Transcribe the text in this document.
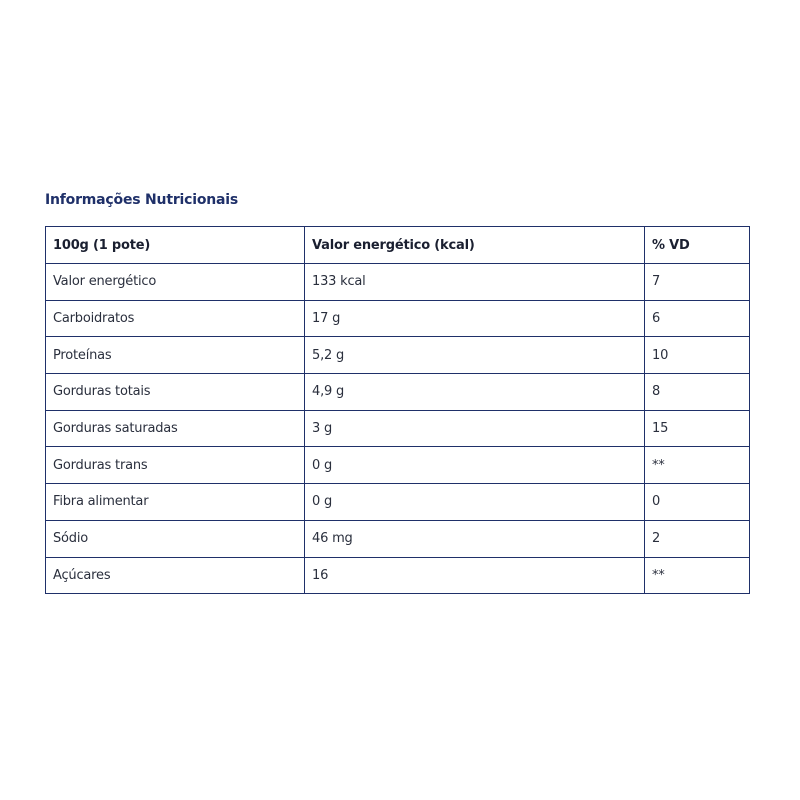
Informações Nutricionais
100g (1 pote)	Valor energético (kcal)	% VD
Valor energético	133 kcal	7
Carboidratos	17 g	6
Proteínas	5,2 g	10
Gorduras totais	4,9 g	8
Gorduras saturadas	3 g	15
Gorduras trans	0 g	**
Fibra alimentar	0 g	0
Sódio	46 mg	2
Açúcares	16	**
